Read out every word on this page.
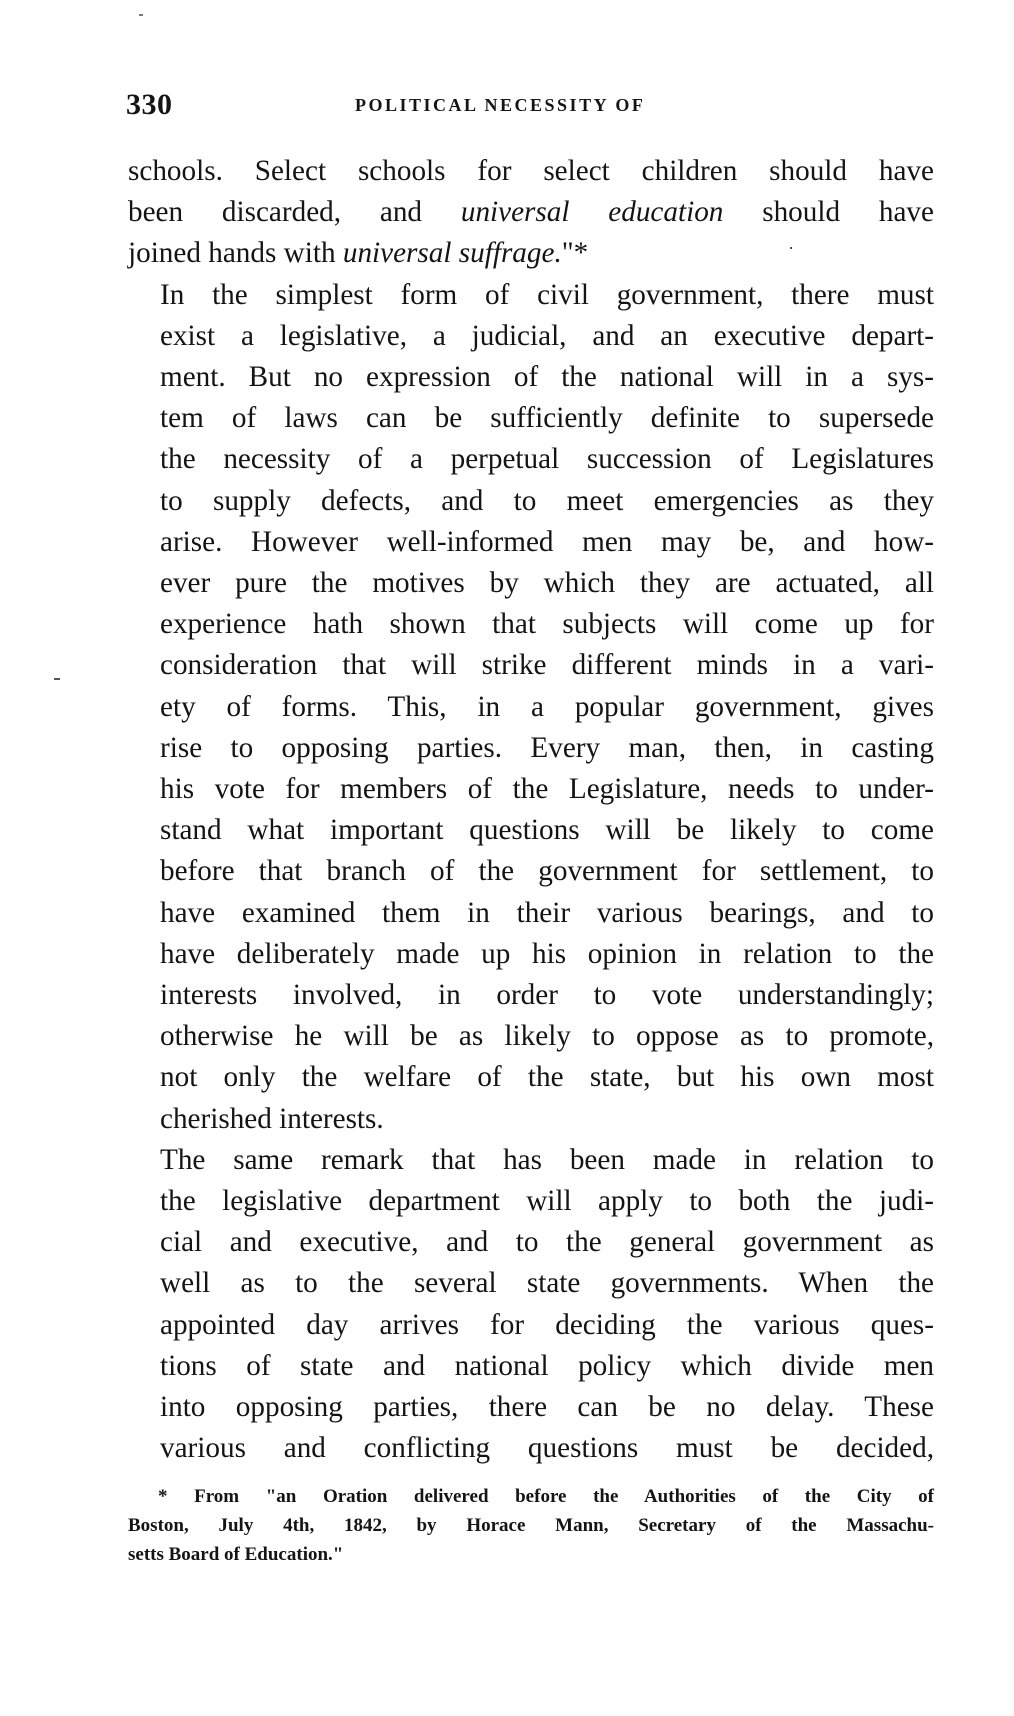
330	POLITICAL NECESSITY OF

schools. Select schools for select children should have
been discarded, and universal education should have
joined hands with universal suffrage."*

In the simplest form of civil government, there must
exist a legislative, a judicial, and an executive depart-
ment. But no expression of the national will in a sys-
tem of laws can be sufficiently definite to supersede
the necessity of a perpetual succession of Legislatures
to supply defects, and to meet emergencies as they
arise. However well-informed men may be, and how-
ever pure the motives by which they are actuated, all
experience hath shown that subjects will come up for
consideration that will strike different minds in a vari-
ety of forms. This, in a popular government, gives
rise to opposing parties. Every man, then, in casting
his vote for members of the Legislature, needs to under-
stand what important questions will be likely to come
before that branch of the government for settlement, to
have examined them in their various bearings, and to
have deliberately made up his opinion in relation to the
interests involved, in order to vote understandingly;
otherwise he will be as likely to oppose as to promote,
not only the welfare of the state, but his own most
cherished interests.

The same remark that has been made in relation to
the legislative department will apply to both the judi-
cial and executive, and to the general government as
well as to the several state governments. When the
appointed day arrives for deciding the various ques-
tions of state and national policy which divide men
into opposing parties, there can be no delay. These
various and conflicting questions must be decided,

* From "an Oration delivered before the Authorities of the City of
Boston, July 4th, 1842, by Horace Mann, Secretary of the Massachu-
setts Board of Education."
